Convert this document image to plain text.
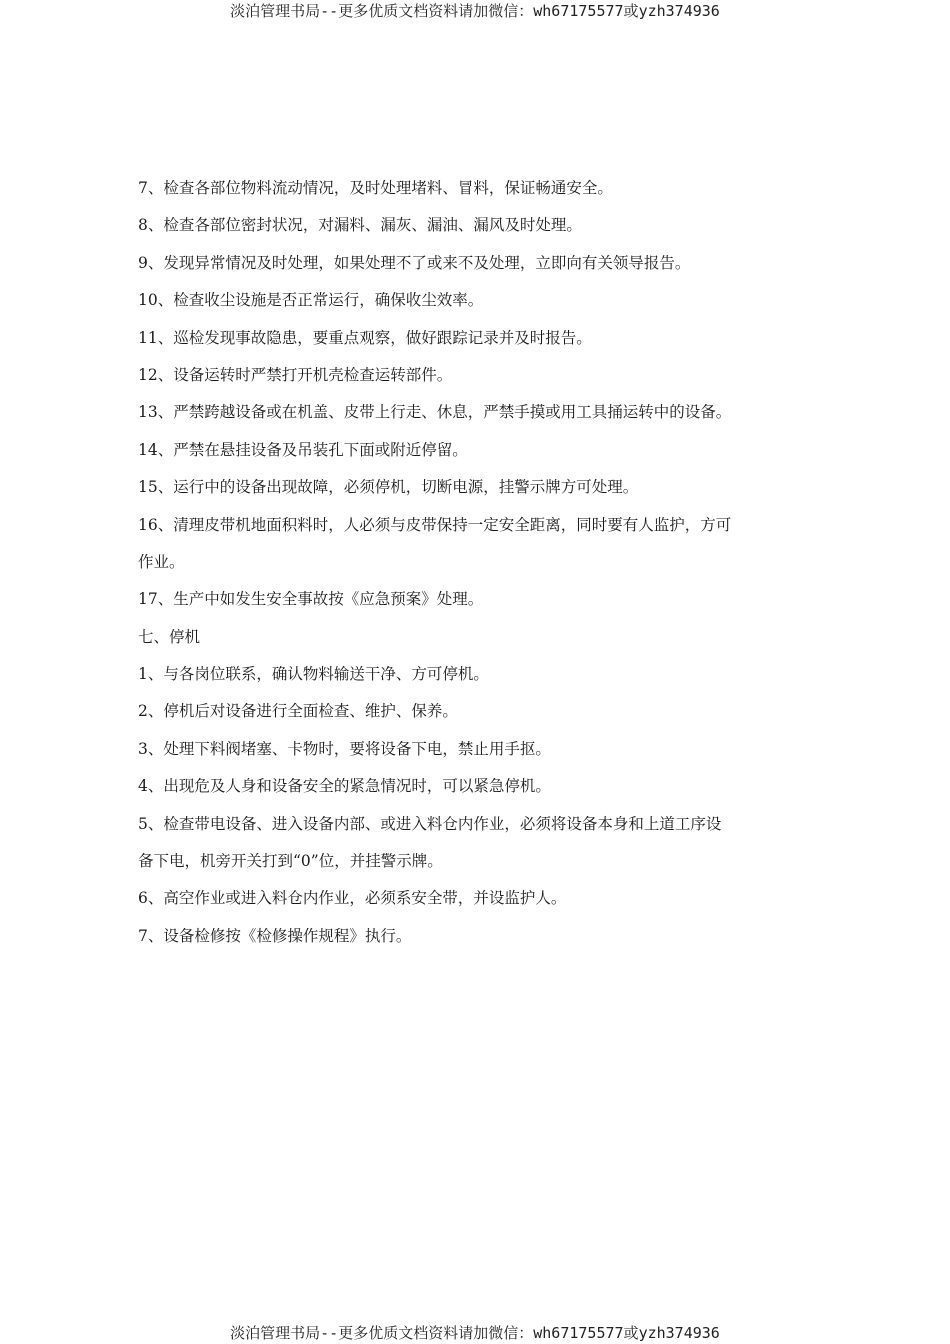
淡泊管理书局--更多优质文档资料请加微信：wh67175577或yzh374936
7、检查各部位物料流动情况，及时处理堵料、冒料，保证畅通安全。
8、检查各部位密封状况，对漏料、漏灰、漏油、漏风及时处理。
9、发现异常情况及时处理，如果处理不了或来不及处理，立即向有关领导报告。
10、检查收尘设施是否正常运行，确保收尘效率。
11、巡检发现事故隐患，要重点观察，做好跟踪记录并及时报告。
12、设备运转时严禁打开机壳检查运转部件。
13、严禁跨越设备或在机盖、皮带上行走、休息，严禁手摸或用工具捅运转中的设备。
14、严禁在悬挂设备及吊装孔下面或附近停留。
15、运行中的设备出现故障，必须停机，切断电源，挂警示牌方可处理。
16、清理皮带机地面积料时，人必须与皮带保持一定安全距离，同时要有人监护，方可
作业。
17、生产中如发生安全事故按《应急预案》处理。
七、停机
1、与各岗位联系，确认物料输送干净、方可停机。
2、停机后对设备进行全面检查、维护、保养。
3、处理下料阀堵塞、卡物时，要将设备下电，禁止用手抠。
4、出现危及人身和设备安全的紧急情况时，可以紧急停机。
5、检查带电设备、进入设备内部、或进入料仓内作业，必须将设备本身和上道工序设
备下电，机旁开关打到“0”位，并挂警示牌。
6、高空作业或进入料仓内作业，必须系安全带，并设监护人。
7、设备检修按《检修操作规程》执行。
淡泊管理书局--更多优质文档资料请加微信：wh67175577或yzh374936
